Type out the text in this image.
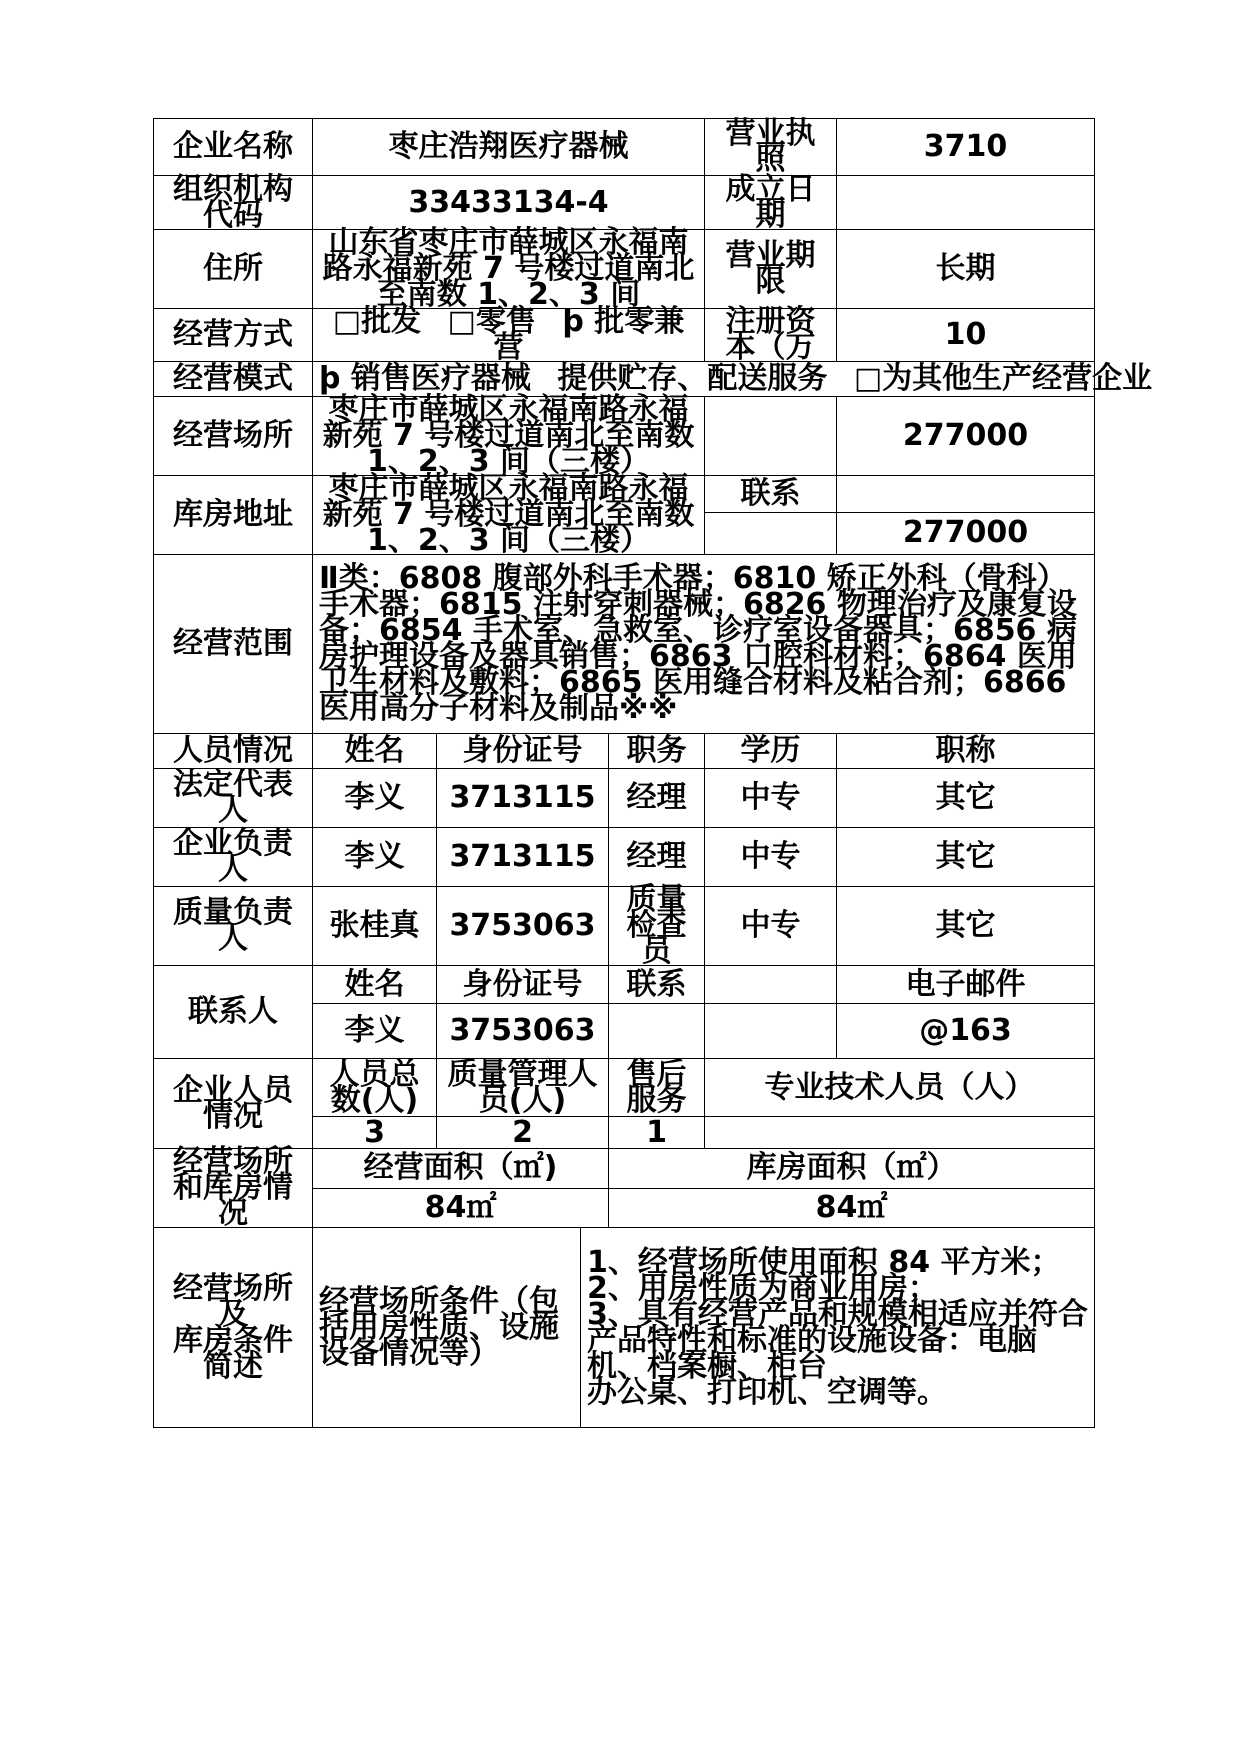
企业名称	枣庄浩翔医疗器械				营业执照	3710
组织机构代码	33433134-4				成立日期	
住所	山东省枣庄市薛城区永福南路永福新苑 7 号楼过道南北至南数 1、2、3 间				营业期限	长期
经营方式	□批发 □零售 þ 批零兼营				注册资本（万	10
经营模式	þ 销售医疗器械 提供贮存、配送服务 □为其他生产经营企业					
经营场所	枣庄市薛城区永福南路永福新苑 7 号楼过道南北至南数 1、2、3 间（三楼）					277000
库房地址	枣庄市薛城区永福南路永福新苑 7 号楼过道南北至南数 1、2、3 间（三楼）				联系	
						277000
经营范围	Ⅱ类：6808 腹部外科手术器；6810 矫正外科（骨科）手术器；6815 注射穿刺器械；6826 物理治疗及康复设备；6854 手术室、急救室、诊疗室设备器具；6856 病房护理设备及器具销售；6863 口腔科材料；6864 医用卫生材料及敷料；6865 医用缝合材料及粘合剂；6866 医用高分子材料及制品※※					
人员情况	姓名	身份证号		职务	学历	职称
法定代表人	李义	3713115		经理	中专	其它
企业负责人	李义	3713115		经理	中专	其它
质量负责人	张桂真	3753063		质量检查员	中专	其它
联系人	姓名	身份证号		联系		电子邮件
	李义	3753063				@163
企业人员情况	人员总数(人)	质量管理人员(人)		售后服务	专业技术人员（人）	
	3	2		1		
经营场所和库房情况	经营面积（㎡)			库房面积（㎡）		
	84㎡			84㎡		

经营场所及
库房条件简述	经营场所条件（包括用房性质、设施设备情况等）		1、经营场所使用面积 84 平方米；
2、用房性质为商业用房；
3、具有经营产品和规模相适应并符合产品特性和标准的设施设备：电脑机、档案橱、柜台
办公桌、打印机、空调等。			
